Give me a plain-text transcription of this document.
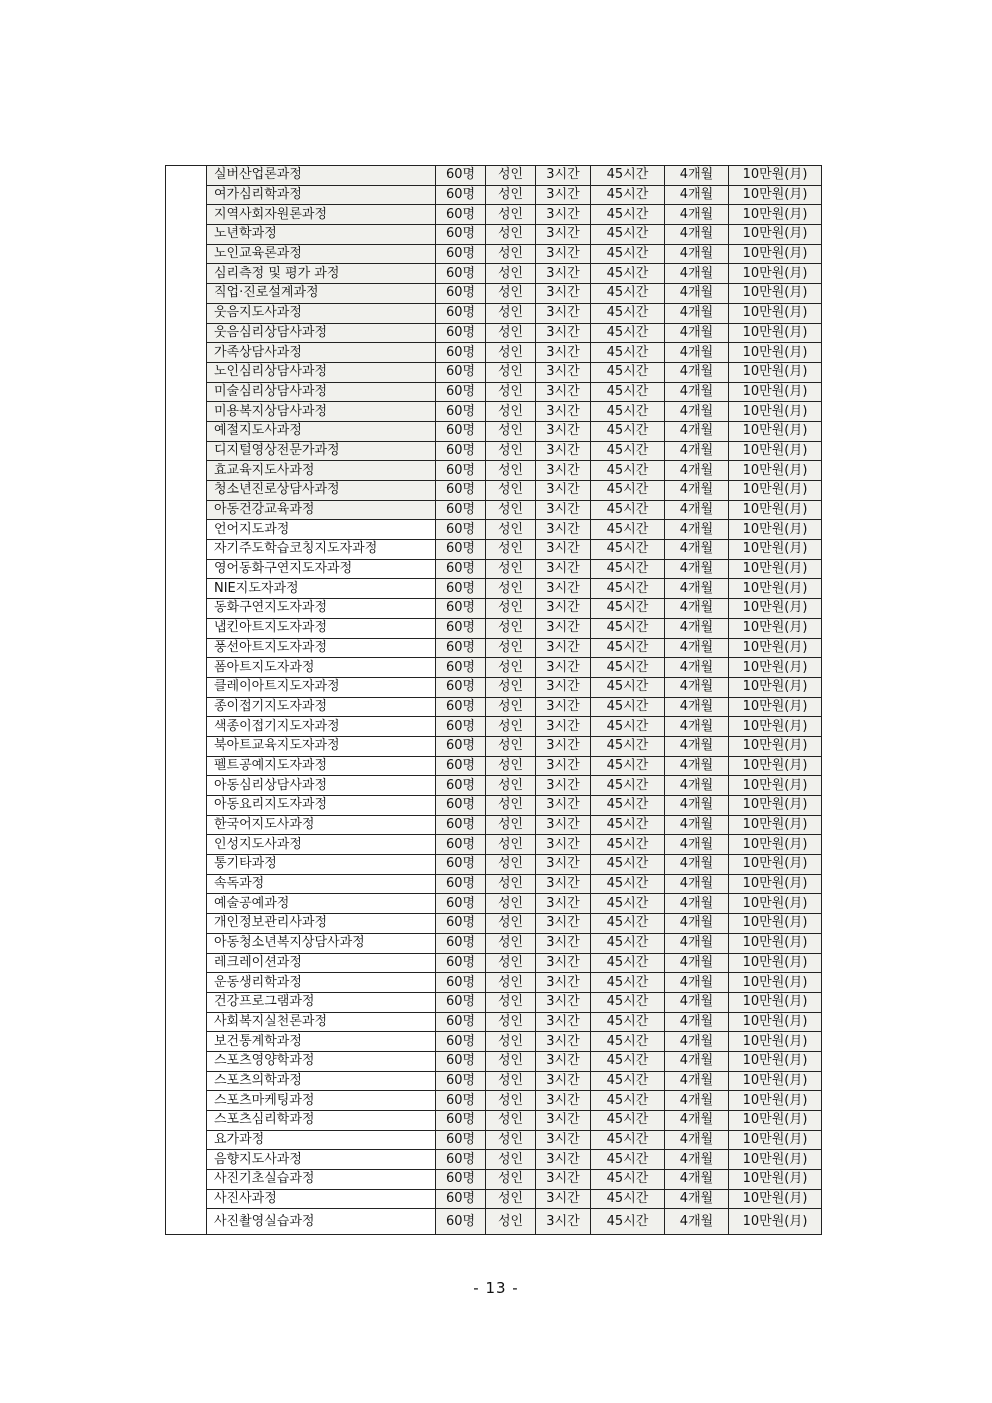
	실버산업론과정	60명	성인	3시간	45시간	4개월	10만원(月)
	여가심리학과정	60명	성인	3시간	45시간	4개월	10만원(月)
	지역사회자원론과정	60명	성인	3시간	45시간	4개월	10만원(月)
	노년학과정	60명	성인	3시간	45시간	4개월	10만원(月)
	노인교육론과정	60명	성인	3시간	45시간	4개월	10만원(月)
	심리측정 및 평가 과정	60명	성인	3시간	45시간	4개월	10만원(月)
	직업·진로설계과정	60명	성인	3시간	45시간	4개월	10만원(月)
	웃음지도사과정	60명	성인	3시간	45시간	4개월	10만원(月)
	웃음심리상담사과정	60명	성인	3시간	45시간	4개월	10만원(月)
	가족상담사과정	60명	성인	3시간	45시간	4개월	10만원(月)
	노인심리상담사과정	60명	성인	3시간	45시간	4개월	10만원(月)
	미술심리상담사과정	60명	성인	3시간	45시간	4개월	10만원(月)
	미용복지상담사과정	60명	성인	3시간	45시간	4개월	10만원(月)
	예절지도사과정	60명	성인	3시간	45시간	4개월	10만원(月)
	디지털영상전문가과정	60명	성인	3시간	45시간	4개월	10만원(月)
	효교육지도사과정	60명	성인	3시간	45시간	4개월	10만원(月)
	청소년진로상담사과정	60명	성인	3시간	45시간	4개월	10만원(月)
	아동건강교육과정	60명	성인	3시간	45시간	4개월	10만원(月)
	언어지도과정	60명	성인	3시간	45시간	4개월	10만원(月)
	자기주도학습코칭지도자과정	60명	성인	3시간	45시간	4개월	10만원(月)
	영어동화구연지도자과정	60명	성인	3시간	45시간	4개월	10만원(月)
	NIE지도자과정	60명	성인	3시간	45시간	4개월	10만원(月)
	동화구연지도자과정	60명	성인	3시간	45시간	4개월	10만원(月)
	냅킨아트지도자과정	60명	성인	3시간	45시간	4개월	10만원(月)
	풍선아트지도자과정	60명	성인	3시간	45시간	4개월	10만원(月)
	폼아트지도자과정	60명	성인	3시간	45시간	4개월	10만원(月)
	클레이아트지도자과정	60명	성인	3시간	45시간	4개월	10만원(月)
	종이접기지도자과정	60명	성인	3시간	45시간	4개월	10만원(月)
	색종이접기지도자과정	60명	성인	3시간	45시간	4개월	10만원(月)
	북아트교육지도자과정	60명	성인	3시간	45시간	4개월	10만원(月)
	펠트공예지도자과정	60명	성인	3시간	45시간	4개월	10만원(月)
	아동심리상담사과정	60명	성인	3시간	45시간	4개월	10만원(月)
	아동요리지도자과정	60명	성인	3시간	45시간	4개월	10만원(月)
	한국어지도사과정	60명	성인	3시간	45시간	4개월	10만원(月)
	인성지도사과정	60명	성인	3시간	45시간	4개월	10만원(月)
	통기타과정	60명	성인	3시간	45시간	4개월	10만원(月)
	속독과정	60명	성인	3시간	45시간	4개월	10만원(月)
	예술공예과정	60명	성인	3시간	45시간	4개월	10만원(月)
	개인정보관리사과정	60명	성인	3시간	45시간	4개월	10만원(月)
	아동청소년복지상담사과정	60명	성인	3시간	45시간	4개월	10만원(月)
	레크레이션과정	60명	성인	3시간	45시간	4개월	10만원(月)
	운동생리학과정	60명	성인	3시간	45시간	4개월	10만원(月)
	건강프로그램과정	60명	성인	3시간	45시간	4개월	10만원(月)
	사회복지실천론과정	60명	성인	3시간	45시간	4개월	10만원(月)
	보건통계학과정	60명	성인	3시간	45시간	4개월	10만원(月)
	스포츠영양학과정	60명	성인	3시간	45시간	4개월	10만원(月)
	스포츠의학과정	60명	성인	3시간	45시간	4개월	10만원(月)
	스포츠마케팅과정	60명	성인	3시간	45시간	4개월	10만원(月)
	스포츠심리학과정	60명	성인	3시간	45시간	4개월	10만원(月)
	요가과정	60명	성인	3시간	45시간	4개월	10만원(月)
	음향지도사과정	60명	성인	3시간	45시간	4개월	10만원(月)
	사진기초실습과정	60명	성인	3시간	45시간	4개월	10만원(月)
	사진사과정	60명	성인	3시간	45시간	4개월	10만원(月)
	사진촬영실습과정	60명	성인	3시간	45시간	4개월	10만원(月)
- 13 -
